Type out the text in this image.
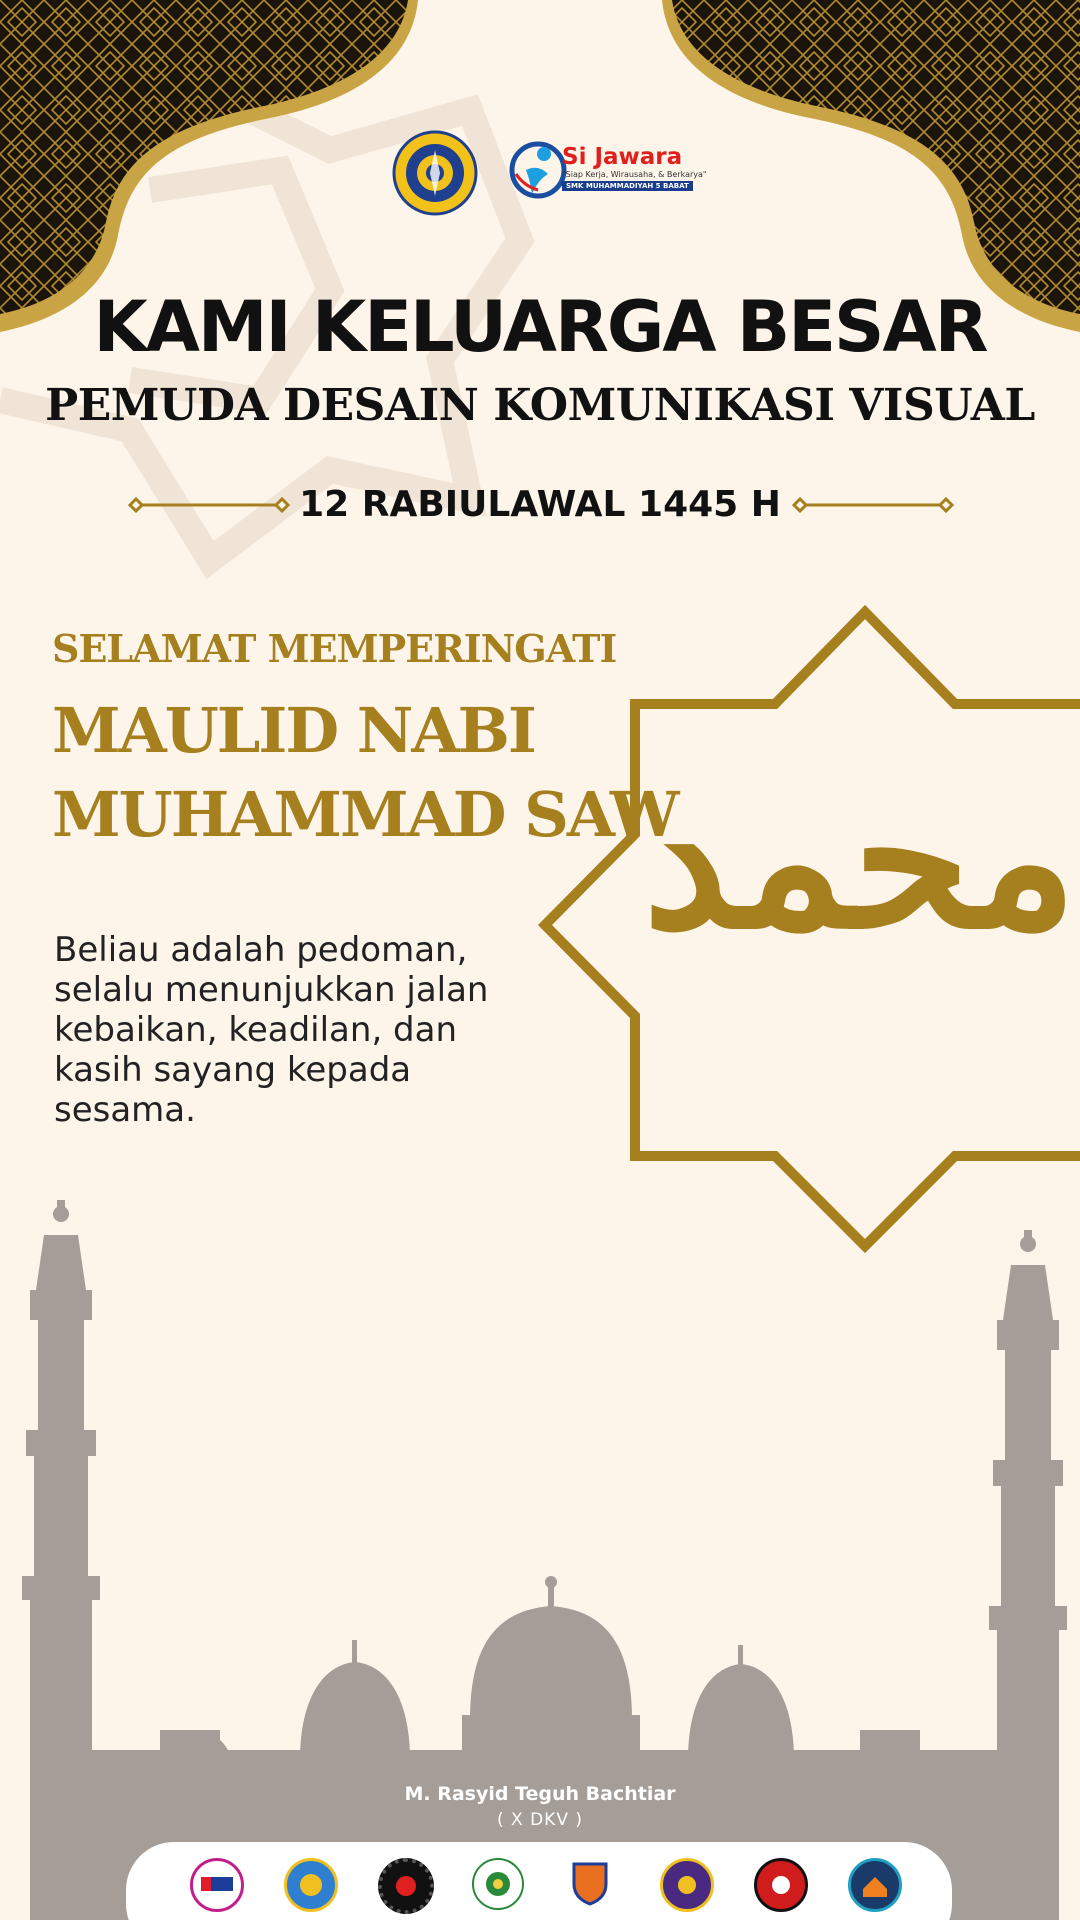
Si Jawara
"Siap Kerja, Wirausaha, & Berkarya"
SMK MUHAMMADIYAH 5 BABAT
KAMI KELUARGA BESAR
PEMUDA DESAIN KOMUNIKASI VISUAL
12 RABIULAWAL 1445 H
SELAMAT MEMPERINGATI
MAULID NABI
MUHAMMAD SAW
Beliau adalah pedoman, selalu menunjukkan jalan kebaikan, keadilan, dan kasih sayang kepada sesama.
محمد
M. Rasyid Teguh Bachtiar
( X DKV )
